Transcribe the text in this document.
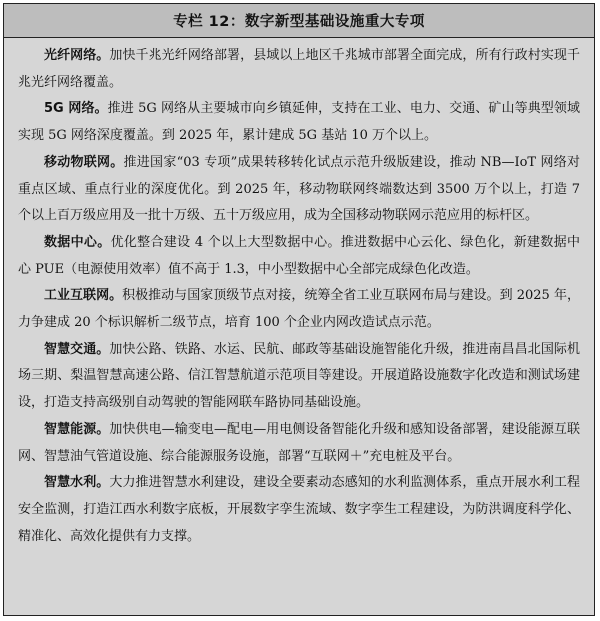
专栏 12：数字新型基础设施重大专项

光纤网络。加快千兆光纤网络部署，县域以上地区千兆城市部署全面完成，所有行政村实现千兆光纤网络覆盖。

5G 网络。推进 5G 网络从主要城市向乡镇延伸，支持在工业、电力、交通、矿山等典型领域实现 5G 网络深度覆盖。到 2025 年，累计建成 5G 基站 10 万个以上。

移动物联网。推进国家“03 专项”成果转移转化试点示范升级版建设，推动 NB—IoT 网络对重点区域、重点行业的深度优化。到 2025 年，移动物联网终端数达到 3500 万个以上，打造 7 个以上百万级应用及一批十万级、五十万级应用，成为全国移动物联网示范应用的标杆区。

数据中心。优化整合建设 4 个以上大型数据中心。推进数据中心云化、绿色化，新建数据中心 PUE（电源使用效率）值不高于 1.3，中小型数据中心全部完成绿色化改造。

工业互联网。积极推动与国家顶级节点对接，统筹全省工业互联网布局与建设。到 2025 年，力争建成 20 个标识解析二级节点，培育 100 个企业内网改造试点示范。

智慧交通。加快公路、铁路、水运、民航、邮政等基础设施智能化升级，推进南昌昌北国际机场三期、梨温智慧高速公路、信江智慧航道示范项目等建设。开展道路设施数字化改造和测试场建设，打造支持高级别自动驾驶的智能网联车路协同基础设施。

智慧能源。加快供电—输变电—配电—用电侧设备智能化升级和感知设备部署，建设能源互联网、智慧油气管道设施、综合能源服务设施，部署“互联网＋”充电桩及平台。

智慧水利。大力推进智慧水利建设，建设全要素动态感知的水利监测体系，重点开展水利工程安全监测，打造江西水利数字底板，开展数字孪生流域、数字孪生工程建设，为防洪调度科学化、精准化、高效化提供有力支撑。
